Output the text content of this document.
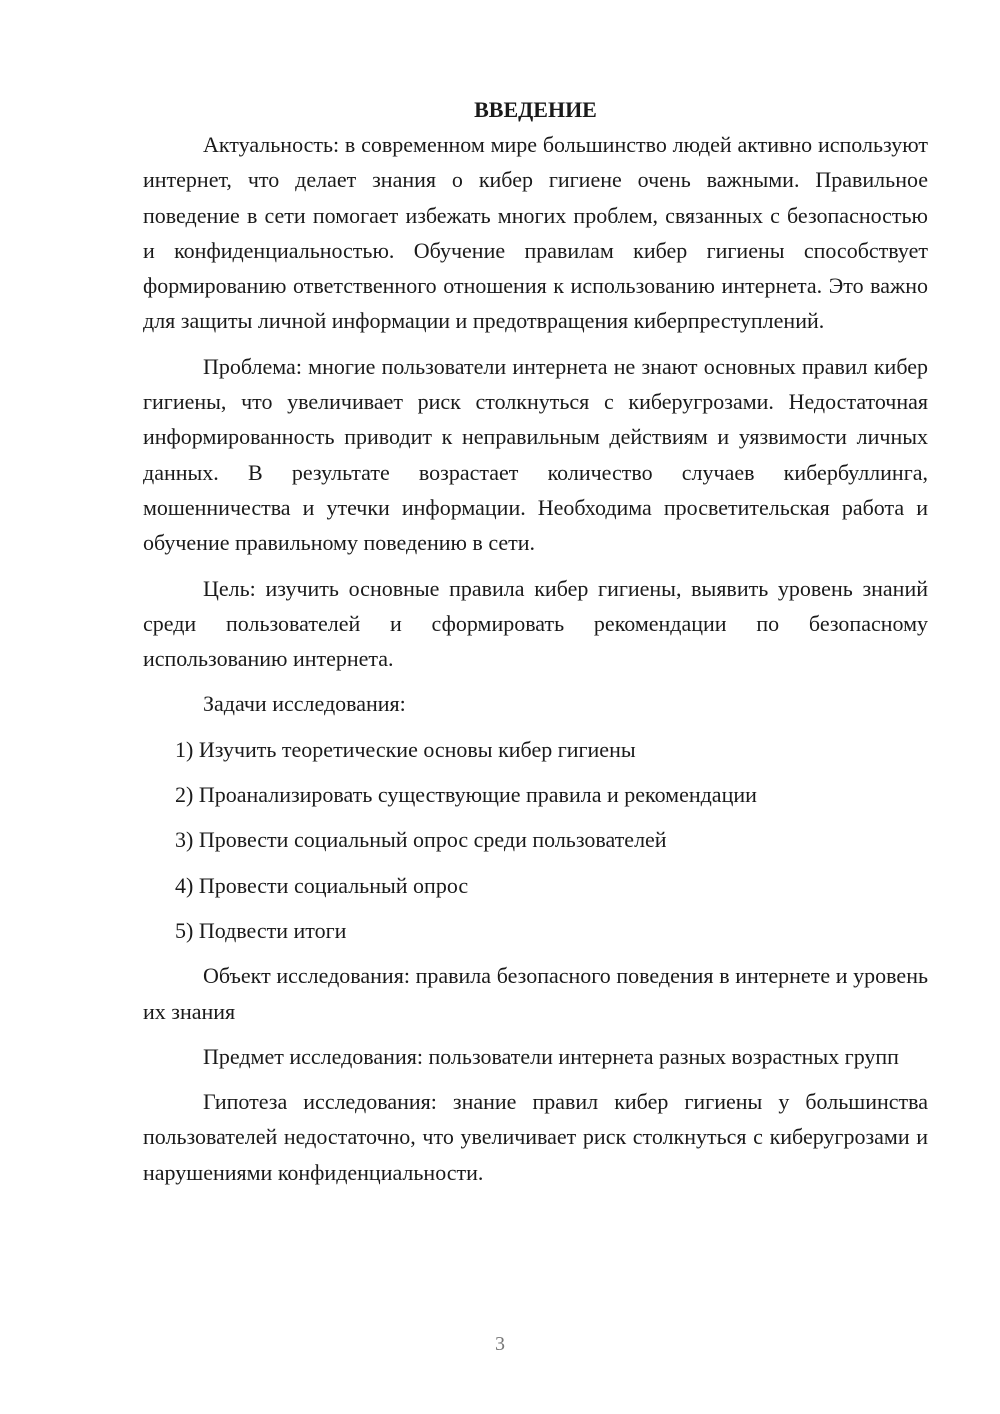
ВВЕДЕНИЕ

Актуальность: в современном мире большинство людей активно используют интернет, что делает знания о кибер гигиене очень важными. Правильное поведение в сети помогает избежать многих проблем, связанных с безопасностью и конфиденциальностью. Обучение правилам кибер гигиены способствует формированию ответственного отношения к использованию интернета. Это важно для защиты личной информации и предотвращения киберпреступлений.

Проблема: многие пользователи интернета не знают основных правил кибер гигиены, что увеличивает риск столкнуться с киберугрозами. Недостаточная информированность приводит к неправильным действиям и уязвимости личных данных. В результате возрастает количество случаев кибербуллинга, мошенничества и утечки информации. Необходима просветительская работа и обучение правильному поведению в сети.

Цель: изучить основные правила кибер гигиены, выявить уровень знаний среди пользователей и сформировать рекомендации по безопасному использованию интернета.

Задачи исследования:

1) Изучить теоретические основы кибер гигиены

2) Проанализировать существующие правила и рекомендации

3) Провести социальный опрос среди пользователей

4) Провести социальный опрос

5) Подвести итоги

Объект исследования: правила безопасного поведения в интернете и уровень их знания

Предмет исследования: пользователи интернета разных возрастных групп

Гипотеза исследования: знание правил кибер гигиены у большинства пользователей недостаточно, что увеличивает риск столкнуться с киберугрозами и нарушениями конфиденциальности.

3
